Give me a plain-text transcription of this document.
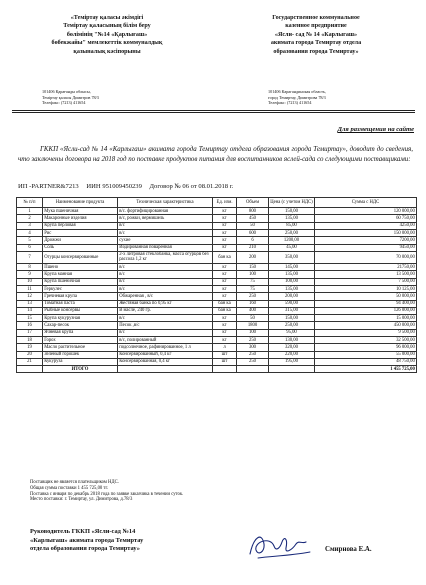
«Теміртау қаласы әкімдігі
Теміртау қаласының білім беру
бөлімінің "№14 «Қарлығаш»
бөбекжайы" мемлекеттік коммуналдық
қазыналық кәсіпорыны
Государственное коммунальное
казенное предприятие
«Ясли- сад № 14 «Карлыгаш»
акимата города Темиртау отдела
образования города Темиртау»
101406 Қарағанды облысы,
Теміртау қаласы Димитров 78/3
Телефакс: (7213) 411654
101406 Карагандинская область,
город Темиртау, Димитрова 78/3
Телефакс: (7213) 411654
Для размещения на сайте
ГККП «Ясли-сад № 14 «Карлыгаш» акимата города Темиртау отдела образования города Темиртау», доводит до сведения, что заключены договора на 2018 год по поставке продуктов питания для воспитанников яслей-сада со следующими поставщиками:
ИП -PARTNER&7213 ИИН 951009450239 Договор № 06 от 08.01.2018 г.
№ п/п	Наименование продукта	Техническая характеристика	Ед. изм.	Объем	Цена (с учетом НДС)	Сумма с НДС
1	Мука пшеничная	в/с. фортифицированная	кг	800	150,00	120 000,00
2	Макаронные изделия	в/с, рожки, вермишель	кг	450	135,00	60 750,00
3	Крупа перловая	в/с	кг	50	85,00	4250,00
4	Рис	в/с	кг	600	250,00	150 000,00
5	Дрожжи	сухие	кг	6	1200,00	7200,00
6	Соль	Иодированная поваренная	кг	210	45,00	9450,00
7	Огурцы консервированные	2-х литровая стеклобанка, масса огурцов без рассола 1,2 кг	бан ка	200	350,00	70 000,00
8	Пшено	в/с	кг	150	145,00	21750,00
9	Крупа манная	в/с	кг	100	135,00	13 500,00
10	Крупа пшеничная	в/с	кг	75	100,00	7 500,00
11	Геркулес	в/с	кг	75	135,00	10 125,00
12	Гречневая крупа	Обжаренная , в/с	кг	250	200,00	50 000,00
13	Томатная паста	Жестяная банка по 0,95 кг	бан ка	160	590,00	94 400,00
14	Рыбные консервы	В масле, 240 гр.	бан ка	400	315,00	126 000,00
15	Крупа кукурузная	в/с	кг	50	150,00	15 000,00
16	Сахар-песок	Песок ,в/с	кг	1800	250,00	450 000,00
17	Ячневая крупа	в/с	кг	100	95,00	9 500,00
18	Горох	в/с, полированный	кг	250	130,00	32 500,00
19	Масло растительное	подсолнечное, рафинированное, 1 л	л	300	320,00	96 000,00
20	Зеленый горошек	Консервированный, 0,4 кг	шт	250	220,00	55 000,00
21	Кукуруза	Консервированная, 0,4 кг	шт	250	195,00	48 750,00
	ИТОГО					1 455 725,00
Поставщик не является плательщиком НДС.
Общая сумма поставки 1 455 725,00 тг.
Поставка с января по декабрь 2018 года по заявке заказчика в течении суток.
Место поставки: г. Темиртау, ул. Димитрова, д.78/3
Руководитель ГККП «Ясли-сад №14
«Карлыгаш» акимата города Темиртау
отдела образования города Темиртау»	Смирнова Е.А.
